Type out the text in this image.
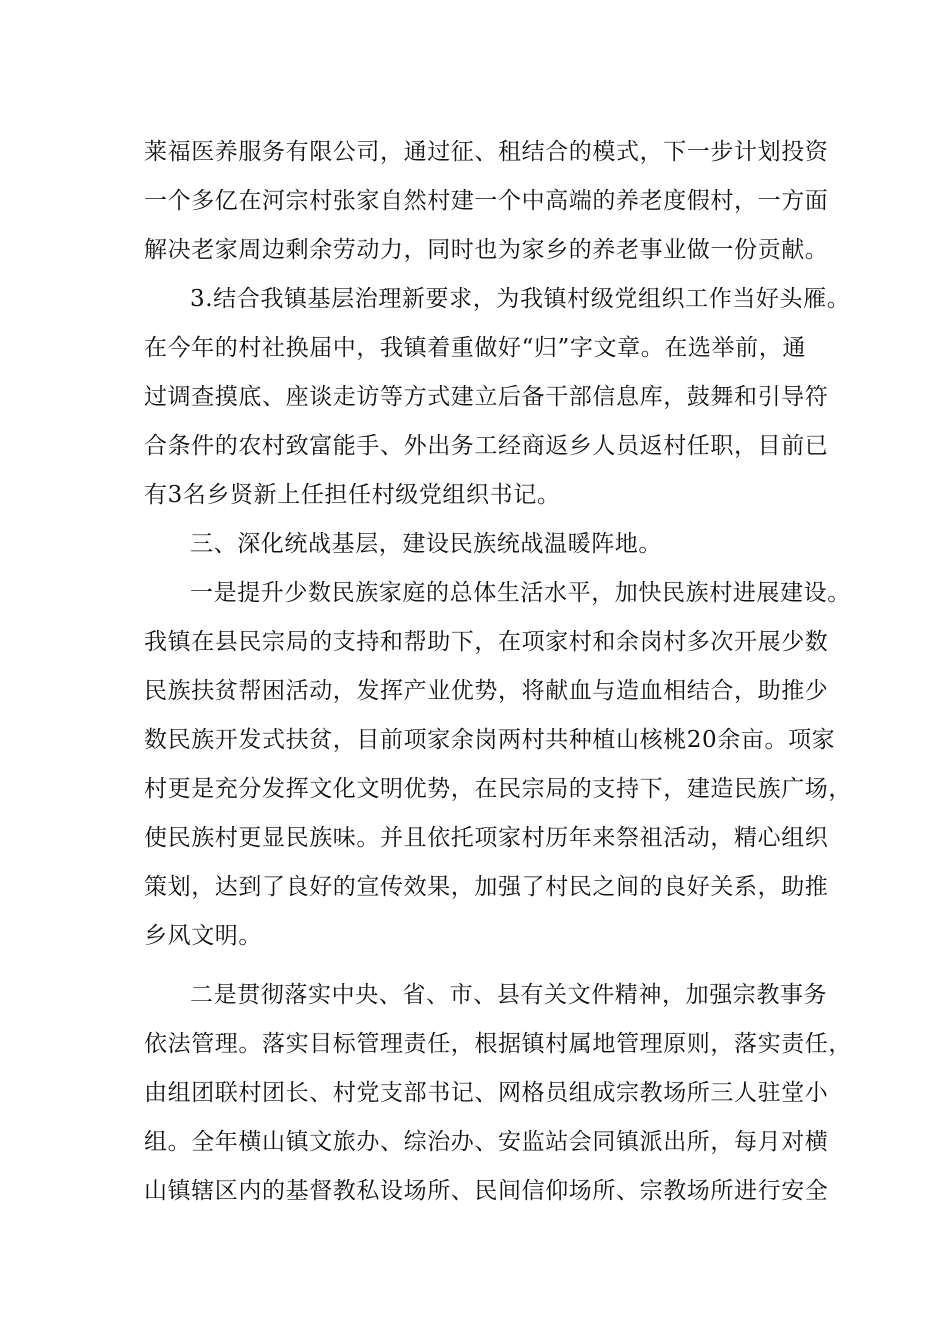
莱福医养服务有限公司，通过征、租结合的模式，下一步计划投资
一个多亿在河宗村张家自然村建一个中高端的养老度假村，一方面
解决老家周边剩余劳动力，同时也为家乡的养老事业做一份贡献。
3.结合我镇基层治理新要求，为我镇村级党组织工作当好头雁。
在今年的村社换届中，我镇着重做好“归”字文章。在选举前，通
过调查摸底、座谈走访等方式建立后备干部信息库，鼓舞和引导符
合条件的农村致富能手、外出务工经商返乡人员返村任职，目前已
有3名乡贤新上任担任村级党组织书记。
三、深化统战基层，建设民族统战温暖阵地。
一是提升少数民族家庭的总体生活水平，加快民族村进展建设。
我镇在县民宗局的支持和帮助下，在项家村和余岗村多次开展少数
民族扶贫帮困活动，发挥产业优势，将献血与造血相结合，助推少
数民族开发式扶贫，目前项家余岗两村共种植山核桃20余亩。项家
村更是充分发挥文化文明优势，在民宗局的支持下，建造民族广场，
使民族村更显民族味。并且依托项家村历年来祭祖活动，精心组织
策划，达到了良好的宣传效果，加强了村民之间的良好关系，助推
乡风文明。
二是贯彻落实中央、省、市、县有关文件精神，加强宗教事务
依法管理。落实目标管理责任，根据镇村属地管理原则，落实责任，
由组团联村团长、村党支部书记、网格员组成宗教场所三人驻堂小
组。全年横山镇文旅办、综治办、安监站会同镇派出所，每月对横
山镇辖区内的基督教私设场所、民间信仰场所、宗教场所进行安全
